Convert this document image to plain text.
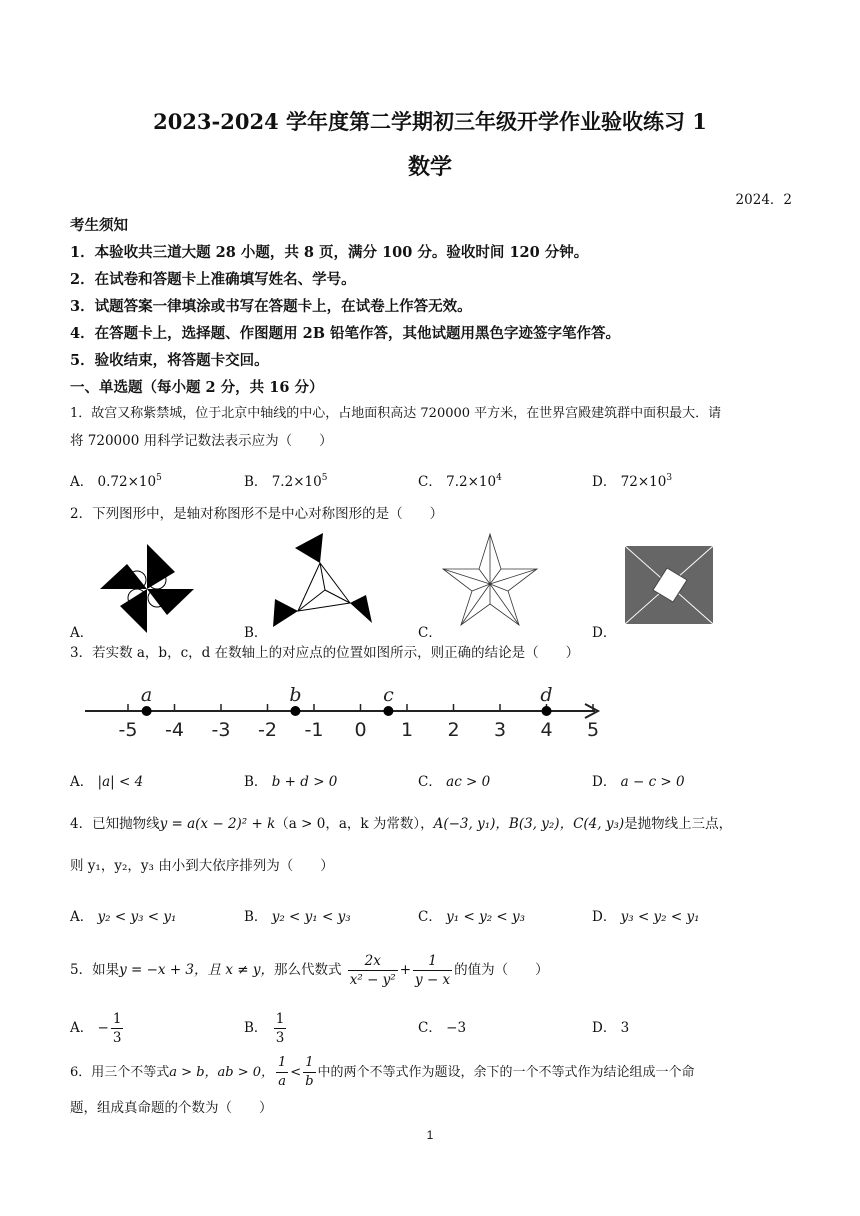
2023-2024 学年度第二学期初三年级开学作业验收练习 1
数学
2024．2
考生须知
1．本验收共三道大题 28 小题，共 8 页，满分 100 分。验收时间 120 分钟。
2．在试卷和答题卡上准确填写姓名、学号。
3．试题答案一律填涂或书写在答题卡上，在试卷上作答无效。
4．在答题卡上，选择题、作图题用 2B 铅笔作答，其他试题用黑色字迹签字笔作答。
5．验收结束，将答题卡交回。
一、单选题（每小题 2 分，共 16 分）
1．故宫又称紫禁城，位于北京中轴线的中心，占地面积高达 720000 平方米，在世界宫殿建筑群中面积最大．请
将 720000 用科学记数法表示应为（　　）
A． $0.72\times 10^5$	B． $7.2\times 10^5$	C． $7.2\times 10^4$	D． $72\times 10^3$
2．下列图形中，是轴对称图形不是中心对称图形的是（　　）
A．	B．	C．	D．
3．若实数 a，b，c，d 在数轴上的对应点的位置如图所示，则正确的结论是（　　）
-5 -4 -3 -2 -1 0 1 2 3 4 5
a	b	c	d
A． |a| < 4	B． b + d > 0	C． ac > 0	D． a − c > 0
4．已知抛物线y = a(x − 2)² + k（a > 0，a，k 为常数），A(−3, y₁)，B(3, y₂)，C(4, y₃)是抛物线上三点，
则 y₁，y₂，y₃ 由小到大依序排列为（　　）
A． y₂ < y₃ < y₁	B． y₂ < y₁ < y₃	C． y₁ < y₂ < y₃	D． y₃ < y₂ < y₁
5．如果y = −x + 3，且 x ≠ y，那么代数式 $\frac{2x}{\text{x² − y²}} + \frac{1}{y - x}$ 的值为（　　）
A． − $\frac{1}{3}$	B． $\frac{1}{3}$	C． −3	D． 3
6．用三个不等式a > b，ab > 0， $\frac{1}{a} < \frac{1}{b}$ 中的两个不等式作为题设，余下的一个不等式作为结论组成一个命
题，组成真命题的个数为（　　）
1
